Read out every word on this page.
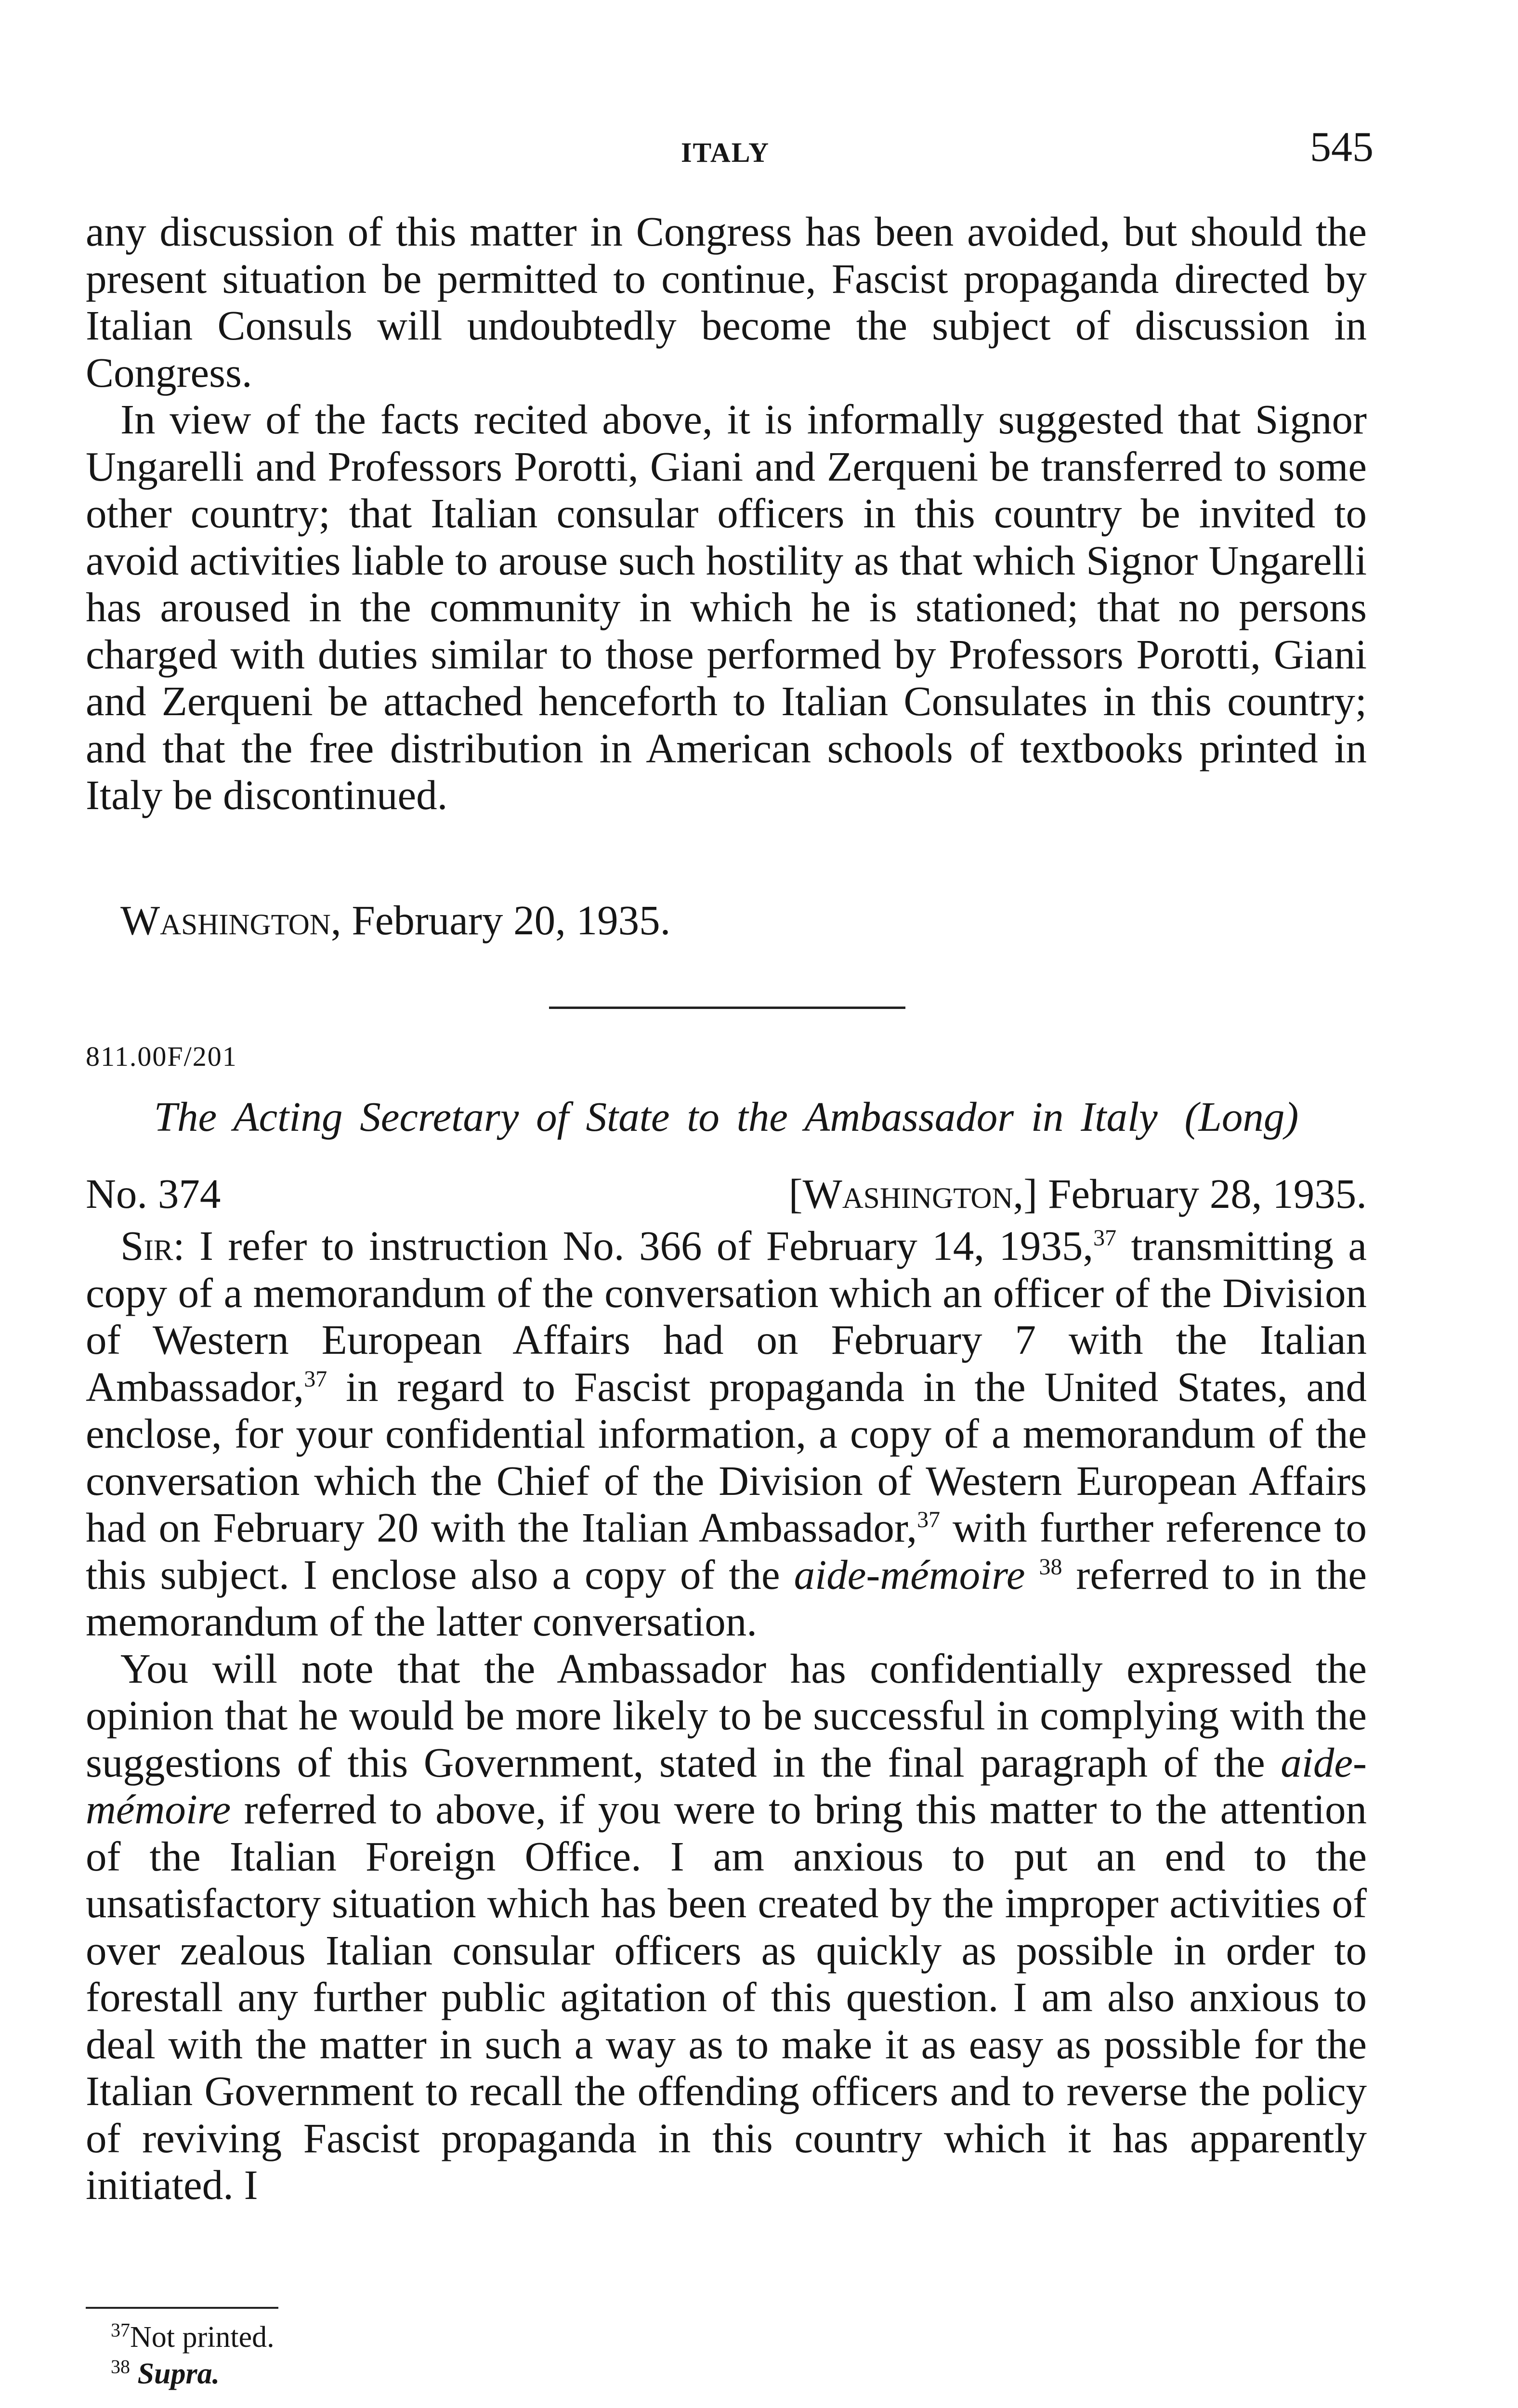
ITALY	545

any discussion of this matter in Congress has been avoided, but should the present situation be permitted to continue, Fascist propaganda directed by Italian Consuls will undoubtedly become the subject of discussion in Congress.

In view of the facts recited above, it is informally suggested that Signor Ungarelli and Professors Porotti, Giani and Zerqueni be transferred to some other country; that Italian consular officers in this country be invited to avoid activities liable to arouse such hostility as that which Signor Ungarelli has aroused in the community in which he is stationed; that no persons charged with duties similar to those performed by Professors Porotti, Giani and Zerqueni be attached henceforth to Italian Consulates in this country; and that the free distribution in American schools of textbooks printed in Italy be discontinued.

Washington, February 20, 1935.
811.00F/201
The Acting Secretary of State to the Ambassador in Italy (Long)
No. 374	[Washington,] February 28, 1935.

Sir: I refer to instruction No. 366 of February 14, 1935,37 transmitting a copy of a memorandum of the conversation which an officer of the Division of Western European Affairs had on February 7 with the Italian Ambassador,$^{37}$ in regard to Fascist propaganda in the United States, and enclose, for your confidential information, a copy of a memorandum of the conversation which the Chief of the Division of Western European Affairs had on February 20 with the Italian Ambassador,$^{37}$ with further reference to this subject. I enclose also a copy of the aide-mémoire $^{38}$ referred to in the memorandum of the latter conversation.

You will note that the Ambassador has confidentially expressed the opinion that he would be more likely to be successful in complying with the suggestions of this Government, stated in the final paragraph of the aide-mémoire referred to above, if you were to bring this matter to the attention of the Italian Foreign Office. I am anxious to put an end to the unsatisfactory situation which has been created by the improper activities of over zealous Italian consular officers as quickly as possible in order to forestall any further public agitation of this question. I am also anxious to deal with the matter in such a way as to make it as easy as possible for the Italian Government to recall the offending officers and to reverse the policy of reviving Fascist propaganda in this country which it has apparently initiated. I

$^{37}$Not printed.
$^{38}$ Supra.
